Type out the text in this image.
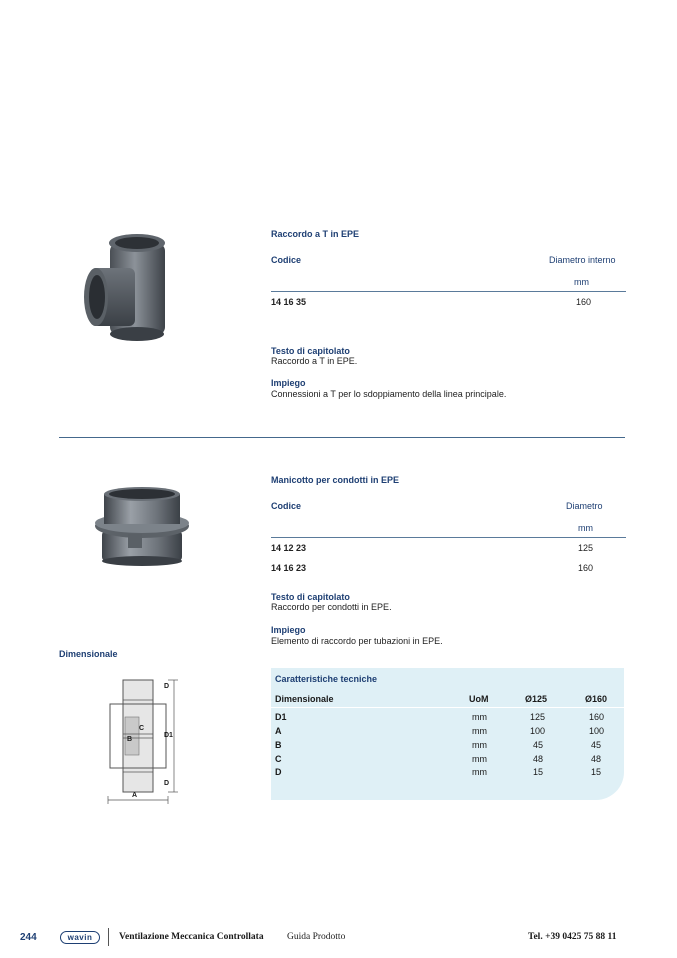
Raccordo a T in EPE
Codice	Diametro interno
mm
14 16 35	160
Testo di capitolato
Raccordo a T in EPE.
Impiego
Connessioni a T per lo sdoppiamento della linea principale.
Manicotto per condotti in EPE
Codice	Diametro
mm
14 12 23	125
14 16 23	160
Testo di capitolato
Raccordo per condotti in EPE.
Impiego
Elemento di raccordo per tubazioni in EPE.
Dimensionale
D
C
B
D1
D
A
Caratteristiche tecniche
Dimensionale	UoM	Ø125	Ø160
D1	mm	125	160
A	mm	100	100
B	mm	45	45
C	mm	48	48
D	mm	15	15
244	wavin	Ventilazione Meccanica Controllata Guida Prodotto	Tel. +39 0425 75 88 11
